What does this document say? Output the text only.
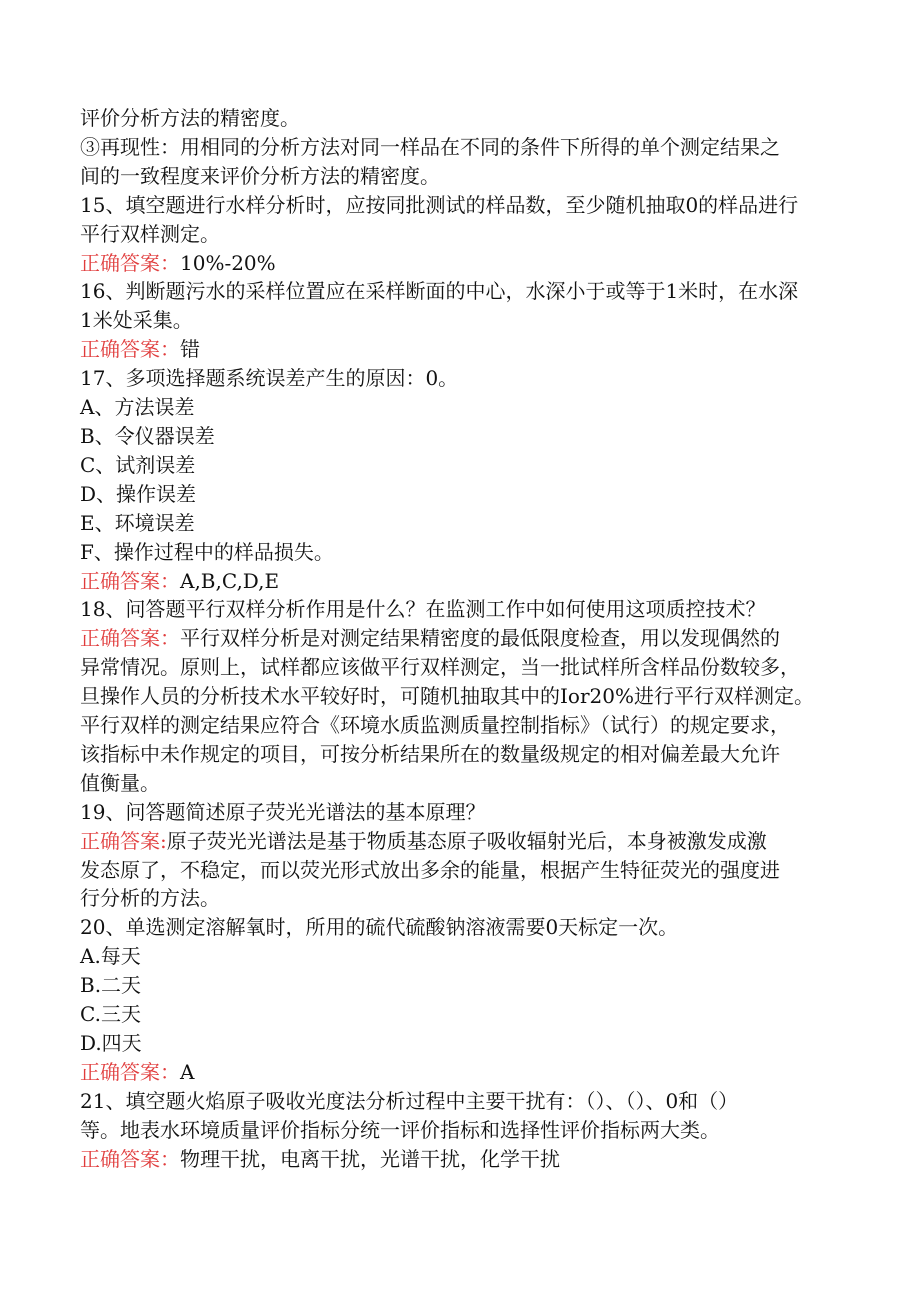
评价分析方法的精密度。
③再现性：用相同的分析方法对同一样品在不同的条件下所得的单个测定结果之
间的一致程度来评价分析方法的精密度。
15、填空题进行水样分析时，应按同批测试的样品数，至少随机抽取0的样品进行
平行双样测定。
正确答案：10%-20%
16、判断题污水的采样位置应在采样断面的中心，水深小于或等于1米时，在水深
1米处采集。
正确答案：错
17、多项选择题系统误差产生的原因：0。
A、方法误差
B、令仪器误差
C、试剂误差
D、操作误差
E、环境误差
F、操作过程中的样品损失。
正确答案：A,B,C,D,E
18、问答题平行双样分析作用是什么？在监测工作中如何使用这项质控技术？
正确答案：平行双样分析是对测定结果精密度的最低限度检查，用以发现偶然的
异常情况。原则上，试样都应该做平行双样测定，当一批试样所含样品份数较多，
旦操作人员的分析技术水平较好时，可随机抽取其中的Ior20%进行平行双样测定。
平行双样的测定结果应符合《环境水质监测质量控制指标》（试行）的规定要求，
该指标中未作规定的项目，可按分析结果所在的数量级规定的相对偏差最大允许
值衡量。
19、问答题简述原子荧光光谱法的基本原理？
正确答案:原子荧光光谱法是基于物质基态原子吸收辐射光后，本身被激发成激
发态原了，不稳定，而以荧光形式放出多余的能量，根据产生特征荧光的强度进
行分析的方法。
20、单选测定溶解氧时，所用的硫代硫酸钠溶液需要0天标定一次。
A.每天
B.二天
C.三天
D.四天
正确答案：A
21、填空题火焰原子吸收光度法分析过程中主要干扰有：（）、（）、0和（）
等。地表水环境质量评价指标分统一评价指标和选择性评价指标两大类。
正确答案：物理干扰，电离干扰，光谱干扰，化学干扰
